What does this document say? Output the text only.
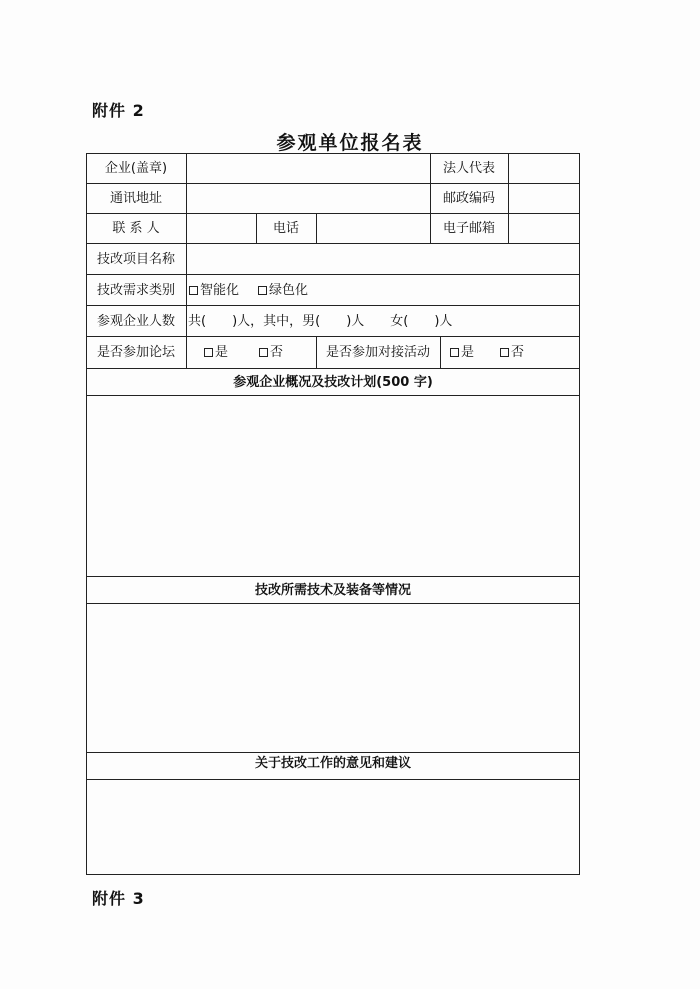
附件 2
参观单位报名表
企业(盖章)	法人代表
通讯地址	邮政编码
联 系 人	电话	电子邮箱
技改项目名称
技改需求类别	智能化	绿色化
参观企业人数	共(　　)人，其中，男(　　)人　　女(　　)人
是否参加论坛	是	否	是否参加对接活动	是	否
参观企业概况及技改计划(500 字)
技改所需技术及装备等情况
关于技改工作的意见和建议
附件 3
